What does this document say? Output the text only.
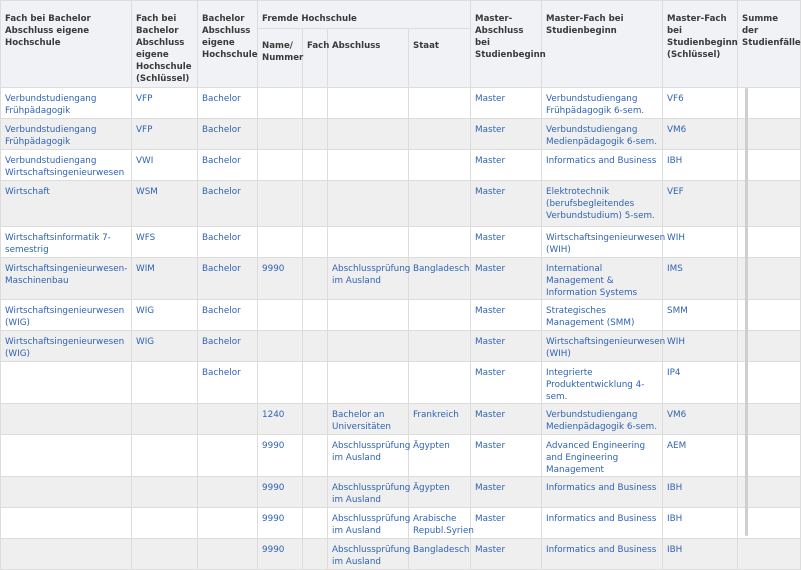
Fach bei Bachelor Abschluss eigene Hochschule	Fach bei Bachelor Abschluss eigene Hochschule (Schlüssel)	Bachelor Abschluss eigene Hochschule	Fremde Hochschule				Master-Abschluss bei Studienbeginn	Master-Fach bei Studienbeginn	Master-Fach bei Studienbeginn (Schlüssel)	Summe der Studienfälle
			Name/ Nummer	Fach	Abschluss	Staat				
Verbundstudiengang Frühpädagogik	VFP	Bachelor					Master	Verbundstudiengang Frühpädagogik 6-sem.	VF6	
Verbundstudiengang Frühpädagogik	VFP	Bachelor					Master	Verbundstudiengang Medienpädagogik 6-sem.	VM6	
Verbundstudiengang Wirtschaftsingenieurwesen	VWI	Bachelor					Master	Informatics and Business	IBH	
Wirtschaft	WSM	Bachelor					Master	Elektrotechnik (berufsbegleitendes Verbundstudium) 5-sem.	VEF	
Wirtschaftsinformatik 7-semestrig	WFS	Bachelor					Master	Wirtschaftsingenieurwesen (WIH)	WIH	
Wirtschaftsingenieurwesen-Maschinenbau	WIM	Bachelor	9990		Abschlussprüfung im Ausland	Bangladesch	Master	International Management & Information Systems	IMS	
Wirtschaftsingenieurwesen (WIG)	WIG	Bachelor					Master	Strategisches Management (SMM)	SMM	
Wirtschaftsingenieurwesen (WIG)	WIG	Bachelor					Master	Wirtschaftsingenieurwesen (WIH)	WIH	
		Bachelor					Master	Integrierte Produktentwicklung 4-sem.	IP4	
			1240		Bachelor an Universitäten	Frankreich	Master	Verbundstudiengang Medienpädagogik 6-sem.	VM6	
			9990		Abschlussprüfung im Ausland	Ägypten	Master	Advanced Engineering and Engineering Management	AEM	
			9990		Abschlussprüfung im Ausland	Ägypten	Master	Informatics and Business	IBH	
			9990		Abschlussprüfung im Ausland	Arabische Republ.Syrien	Master	Informatics and Business	IBH	
			9990		Abschlussprüfung im Ausland	Bangladesch	Master	Informatics and Business	IBH	
